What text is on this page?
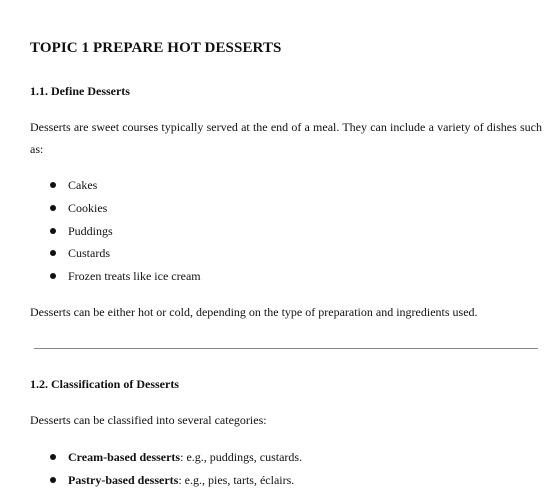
TOPIC 1 PREPARE HOT DESSERTS
1.1. Define Desserts

Desserts are sweet courses typically served at the end of a meal. They can include a variety of dishes such as:

Cakes
Cookies
Puddings
Custards
Frozen treats like ice cream

Desserts can be either hot or cold, depending on the type of preparation and ingredients used.

1.2. Classification of Desserts

Desserts can be classified into several categories:

Cream-based desserts: e.g., puddings, custards.
Pastry-based desserts: e.g., pies, tarts, éclairs.
